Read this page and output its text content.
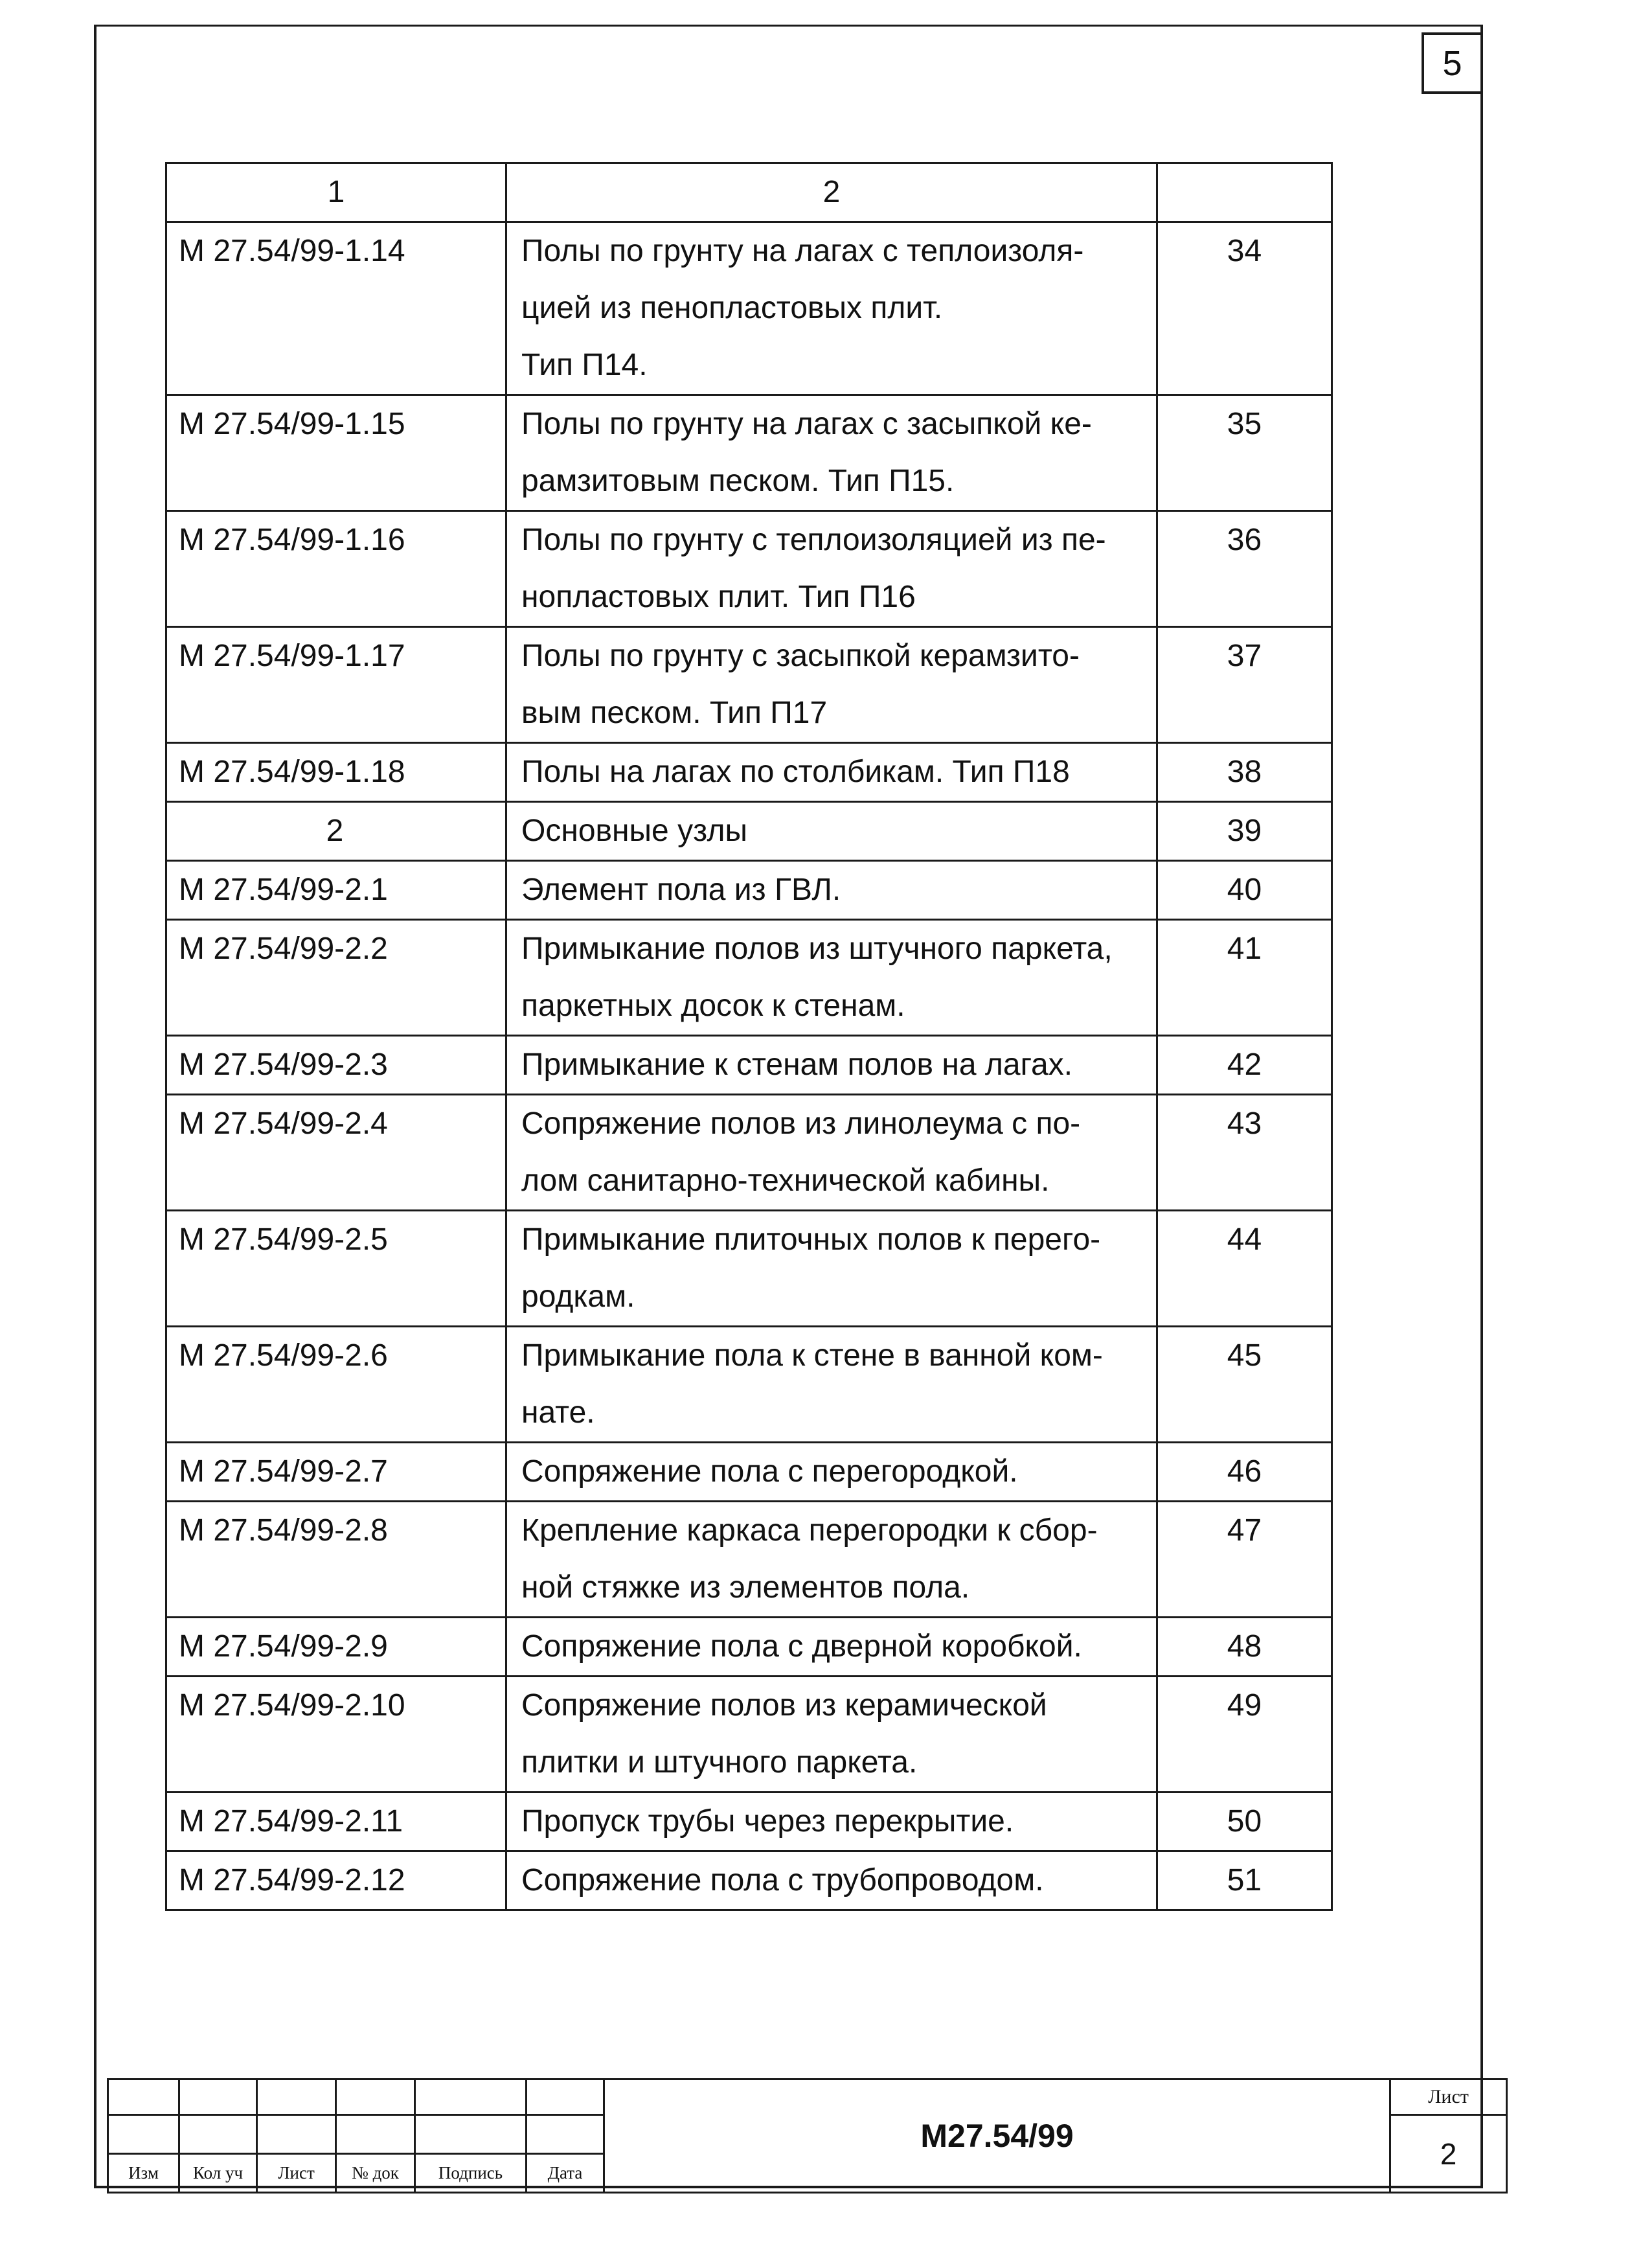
5
1	2	
М 27.54/99-1.14	Полы по грунту на лагах с теплоизоля-
цией из пенопластовых плит.
Тип П14.	34
М 27.54/99-1.15	Полы по грунту на лагах с засыпкой ке-
рамзитовым песком. Тип П15.	35
М 27.54/99-1.16	Полы по грунту с теплоизоляцией из пе-
нопластовых плит. Тип П16	36
М 27.54/99-1.17	Полы по грунту с засыпкой керамзито-
вым песком. Тип П17	37
М 27.54/99-1.18	Полы на лагах по столбикам. Тип П18	38
2	Основные узлы	39
М 27.54/99-2.1	Элемент пола из ГВЛ.	40
М 27.54/99-2.2	Примыкание полов из штучного паркета,
паркетных досок к стенам.	41
М 27.54/99-2.3	Примыкание к стенам полов на лагах.	42
М 27.54/99-2.4	Сопряжение полов из линолеума с по-
лом санитарно-технической кабины.	43
М 27.54/99-2.5	Примыкание плиточных полов к перего-
родкам.	44
М 27.54/99-2.6	Примыкание пола к стене в ванной ком-
нате.	45
М 27.54/99-2.7	Сопряжение пола с перегородкой.	46
М 27.54/99-2.8	Крепление каркаса перегородки к сбор-
ной стяжке из элементов пола.	47
М 27.54/99-2.9	Сопряжение пола с дверной коробкой.	48
М 27.54/99-2.10	Сопряжение полов из керамической
плитки и штучного паркета.	49
М 27.54/99-2.11	Пропуск трубы через перекрытие.	50
М 27.54/99-2.12	Сопряжение пола с трубопроводом.	51
						М27.54/99	Лист
							2
Изм	Кол уч	Лист	№ док	Подпись	Дата		
